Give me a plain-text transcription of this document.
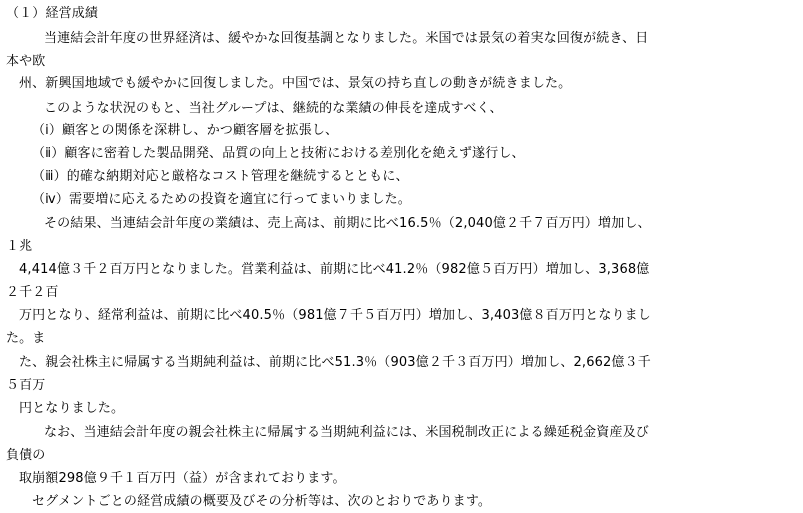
（１）経営成績
当連結会計年度の世界経済は、緩やかな回復基調となりました。米国では景気の着実な回復が続き、日
本や欧
州、新興国地域でも緩やかに回復しました。中国では、景気の持ち直しの動きが続きました。
このような状況のもと、当社グループは、継続的な業績の伸長を達成すべく、
（ⅰ）顧客との関係を深耕し、かつ顧客層を拡張し、
（ⅱ）顧客に密着した製品開発、品質の向上と技術における差別化を絶えず遂行し、
（ⅲ）的確な納期対応と厳格なコスト管理を継続するとともに、
（ⅳ）需要増に応えるための投資を適宜に行ってまいりました。
その結果、当連結会計年度の業績は、売上高は、前期に比べ16.5％（2,040億２千７百万円）増加し、
１兆
4,414億３千２百万円となりました。営業利益は、前期に比べ41.2％（982億５百万円）増加し、3,368億
２千２百
万円となり、経常利益は、前期に比べ40.5％（981億７千５百万円）増加し、3,403億８百万円となりまし
た。ま
た、親会社株主に帰属する当期純利益は、前期に比べ51.3％（903億２千３百万円）増加し、2,662億３千
５百万
円となりました。
なお、当連結会計年度の親会社株主に帰属する当期純利益には、米国税制改正による繰延税金資産及び
負債の
取崩額298億９千１百万円（益）が含まれております。
セグメントごとの経営成績の概要及びその分析等は、次のとおりであります。
